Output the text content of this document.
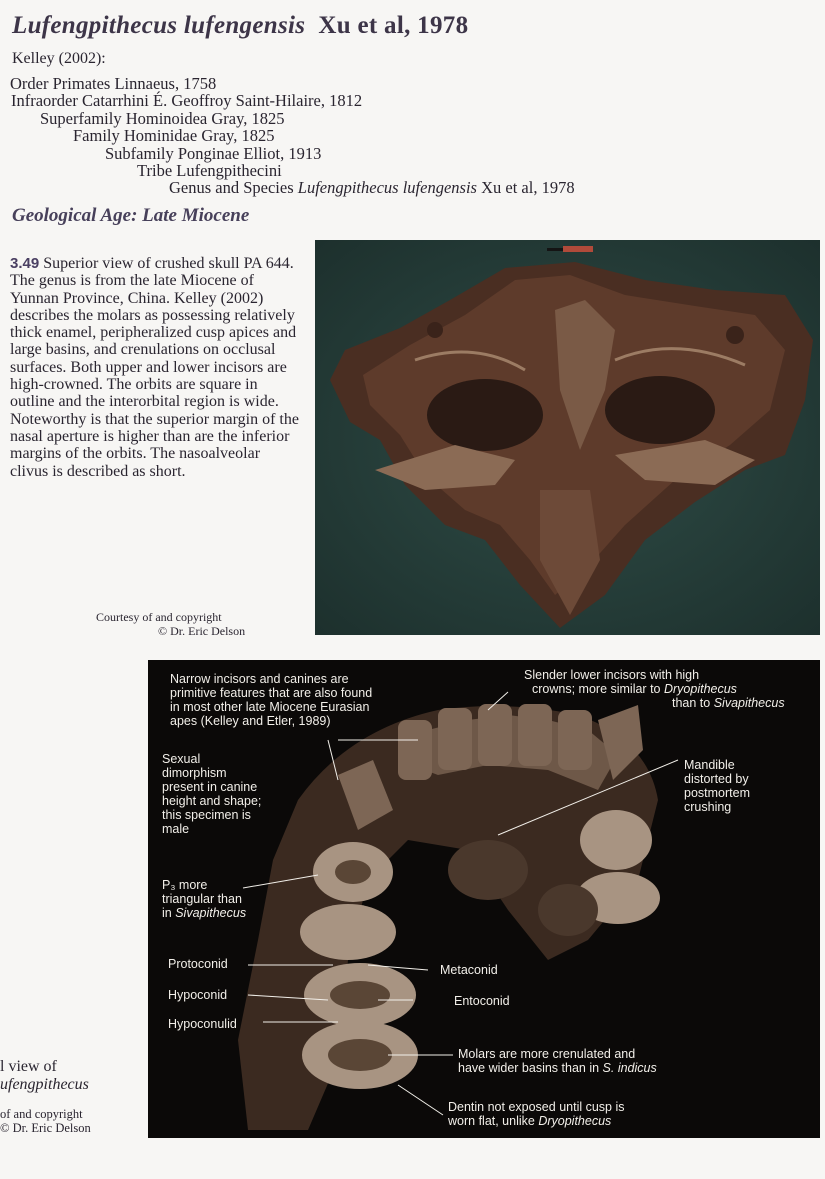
Lufengpithecus lufengensis Xu et al, 1978
Kelley (2002):
Order Primates Linnaeus, 1758
Infraorder Catarrhini É. Geoffroy Saint-Hilaire, 1812
Superfamily Hominoidea Gray, 1825
Family Hominidae Gray, 1825
Subfamily Ponginae Elliot, 1913
Tribe Lufengpithecini
Genus and Species Lufengpithecus lufengensis Xu et al, 1978
Geological Age: Late Miocene

3.49 Superior view of crushed skull PA 644. The genus is from the late Miocene of Yunnan Province, China. Kelley (2002) describes the molars as possessing relatively thick enamel, peripheralized cusp apices and large basins, and crenulations on occlusal surfaces. Both upper and lower incisors are high-crowned. The orbits are square in outline and the interorbital region is wide. Noteworthy is that the superior margin of the nasal aperture is higher than are the inferior margins of the orbits. The nasoalveolar clivus is described as short.

Courtesy of and copyright
© Dr. Eric Delson
Narrow incisors and canines are
primitive features that are also found
in most other late Miocene Eurasian
apes (Kelley and Etler, 1989)
Slender lower incisors with high
crowns; more similar to Dryopithecus
than to Sivapithecus
Sexual
dimorphism
present in canine
height and shape;
this specimen is
male
Mandible
distorted by
postmortem
crushing
P₃ more
triangular than
in Sivapithecus
Protoconid	Metaconid
Hypoconid	Entoconid
Hypoconulid
Molars are more crenulated and
have wider basins than in S. indicus
Dentin not exposed until cusp is
worn flat, unlike Dryopithecus
l view of
ufengpithecus
of and copyright
© Dr. Eric Delson
